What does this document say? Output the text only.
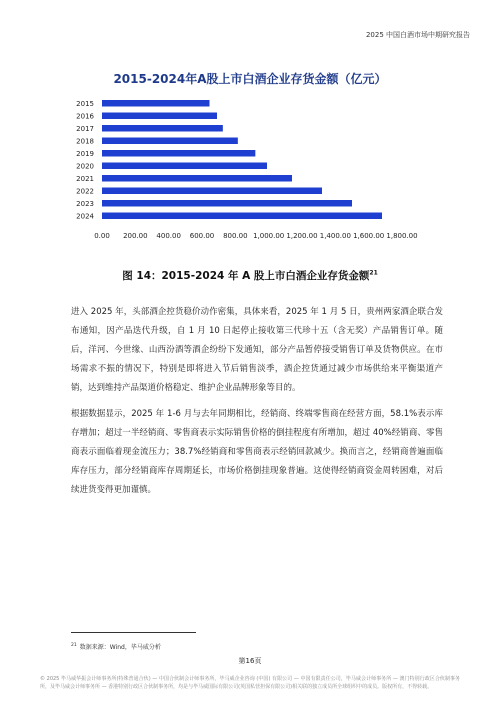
2025 中国白酒市场中期研究报告
2015-2024年A股上市白酒企业存货金额（亿元）
2015
2016
2017
2018
2019
2020
2021
2022
2023
2024
0.00 200.00 400.00 600.00 800.00 1,000.00 1,200.00 1,400.00 1,600.00 1,800.00
图 14：2015-2024 年 A 股上市白酒企业存货金额$^{21}$

进入 2025 年，头部酒企控货稳价动作密集，具体来看，2025 年 1 月 5 日，贵州两家酒企联合发布通知，因产品迭代升级，自 1 月 10 日起停止接收第三代珍十五（含无奖）产品销售订单。随后，洋河、今世缘、山西汾酒等酒企纷纷下发通知，部分产品暂停接受销售订单及货物供应。在市场需求不振的情况下，特别是即将进入节后销售淡季，酒企控货通过减少市场供给来平衡渠道产销，达到维持产品渠道价格稳定、维护企业品牌形象等目的。

根据数据显示，2025 年 1-6 月与去年同期相比，经销商、终端零售商在经营方面，58.1%表示库存增加；超过一半经销商、零售商表示实际销售价格的倒挂程度有所增加，超过 40%经销商、零售商表示面临着现金流压力；38.7%经销商和零售商表示经销回款减少。换而言之，经销商普遍面临库存压力，部分经销商库存周期延长，市场价格倒挂现象普遍。这使得经销商资金周转困难，对后续进货变得更加谨慎。

$^{21}$ 数据来源：Wind，毕马威分析
第16页
© 2025 毕马威华振会计师事务所(特殊普通合伙) — 中国合伙制会计师事务所，毕马威企业咨询 (中国) 有限公司 — 中国有限责任公司，毕马威会计师事务所 — 澳门特别行政区合伙制事务所，及毕马威会计师事务所 — 香港特别行政区合伙制事务所，均是与毕马威国际有限公司(英国私营担保有限公司)相关联的独立成员所全球组织中的成员。版权所有，不得转载。
